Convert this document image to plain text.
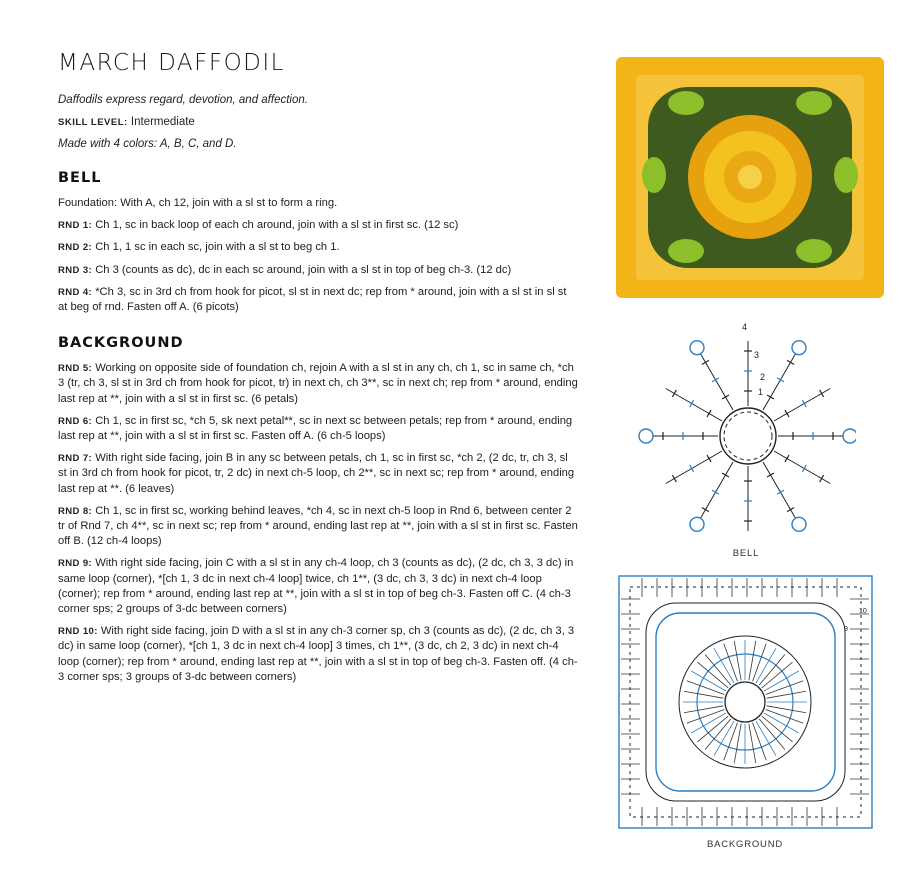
MARCH DAFFODIL

Daffodils express regard, devotion, and affection.

SKILL LEVEL: Intermediate

Made with 4 colors: A, B, C, and D.

BELL

Foundation: With A, ch 12, join with a sl st to form a ring.

RND 1: Ch 1, sc in back loop of each ch around, join with a sl st in first sc. (12 sc)

RND 2: Ch 1, 1 sc in each sc, join with a sl st to beg ch 1.

RND 3: Ch 3 (counts as dc), dc in each sc around, join with a sl st in top of beg ch-3. (12 dc)

RND 4: *Ch 3, sc in 3rd ch from hook for picot, sl st in next dc; rep from * around, join with a sl st in sl st at beg of rnd. Fasten off A. (6 picots)

BACKGROUND

RND 5: Working on opposite side of foundation ch, rejoin A with a sl st in any ch, ch 1, sc in same ch, *ch 3 (tr, ch 3, sl st in 3rd ch from hook for picot, tr) in next ch, ch 3**, sc in next ch; rep from * around, ending last rep at **, join with a sl st in first sc. (6 petals)

RND 6: Ch 1, sc in first sc, *ch 5, sk next petal**, sc in next sc between petals; rep from * around, ending last rep at **, join with a sl st in first sc. Fasten off A. (6 ch-5 loops)

RND 7: With right side facing, join B in any sc between petals, ch 1, sc in first sc, *ch 2, (2 dc, tr, ch 3, sl st in 3rd ch from hook for picot, tr, 2 dc) in next ch-5 loop, ch 2**, sc in next sc; rep from * around, ending last rep at **. (6 leaves)

RND 8: Ch 1, sc in first sc, working behind leaves, *ch 4, sc in next ch-5 loop in Rnd 6, between center 2 tr of Rnd 7, ch 4**, sc in next sc; rep from * around, ending last rep at **, join with a sl st in first sc. Fasten off B. (12 ch-4 loops)

RND 9: With right side facing, join C with a sl st in any ch-4 loop, ch 3 (counts as dc), (2 dc, ch 3, 3 dc) in same loop (corner), *[ch 1, 3 dc in next ch-4 loop] twice, ch 1**, (3 dc, ch 3, 3 dc) in next ch-4 loop (corner); rep from * around, ending last rep at **, join with a sl st in top of beg ch-3. Fasten off C. (4 ch-3 corner sps; 2 groups of 3-dc between corners)

RND 10: With right side facing, join D with a sl st in any ch-3 corner sp, ch 3 (counts as dc), (2 dc, ch 3, 3 dc) in same loop (corner), *[ch 1, 3 dc in next ch-4 loop] 3 times, ch 1**, (3 dc, ch 2, 3 dc) in next ch-4 loop (corner); rep from * around, ending last rep at **, join with a sl st in top of beg ch-3. Fasten off. (4 ch-3 corner sps; 3 groups of 3-dc between corners)

4
3
2
1
BELL
10
9
BACKGROUND
